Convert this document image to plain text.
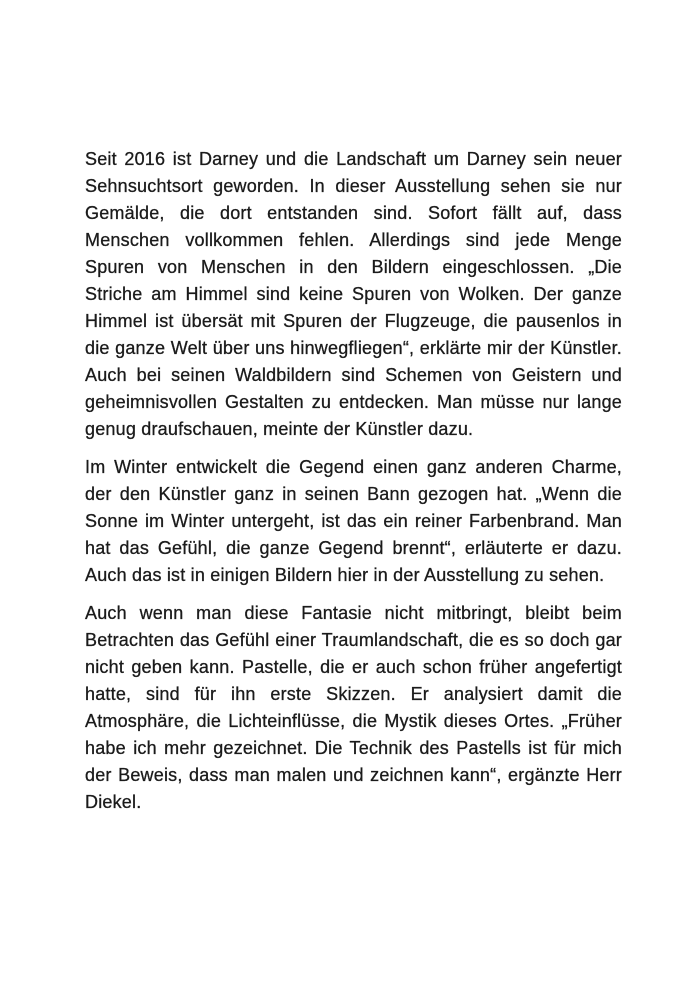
Seit 2016 ist Darney und die Landschaft um Darney sein neuer Sehnsuchtsort geworden. In dieser Ausstellung sehen sie nur Gemälde, die dort entstanden sind. Sofort fällt auf, dass Menschen vollkommen fehlen. Allerdings sind jede Menge Spuren von Menschen in den Bildern eingeschlossen. „Die Striche am Himmel sind keine Spuren von Wolken. Der ganze Himmel ist übersät mit Spuren der Flugzeuge, die pausenlos in die ganze Welt über uns hinwegfliegen“, erklärte mir der Künstler. Auch bei seinen Waldbildern sind Schemen von Geistern und geheimnisvollen Gestalten zu entdecken. Man müsse nur lange genug draufschauen, meinte der Künstler dazu.

Im Winter entwickelt die Gegend einen ganz anderen Charme, der den Künstler ganz in seinen Bann gezogen hat. „Wenn die Sonne im Winter untergeht, ist das ein reiner Farbenbrand. Man hat das Gefühl, die ganze Gegend brennt“, erläuterte er dazu. Auch das ist in einigen Bildern hier in der Ausstellung zu sehen.

Auch wenn man diese Fantasie nicht mitbringt, bleibt beim Betrachten das Gefühl einer Traumlandschaft, die es so doch gar nicht geben kann. Pastelle, die er auch schon früher angefertigt hatte, sind für ihn erste Skizzen. Er analysiert damit die Atmosphäre, die Lichteinflüsse, die Mystik dieses Ortes. „Früher habe ich mehr gezeichnet. Die Technik des Pastells ist für mich der Beweis, dass man malen und zeichnen kann“, ergänzte Herr Diekel.
